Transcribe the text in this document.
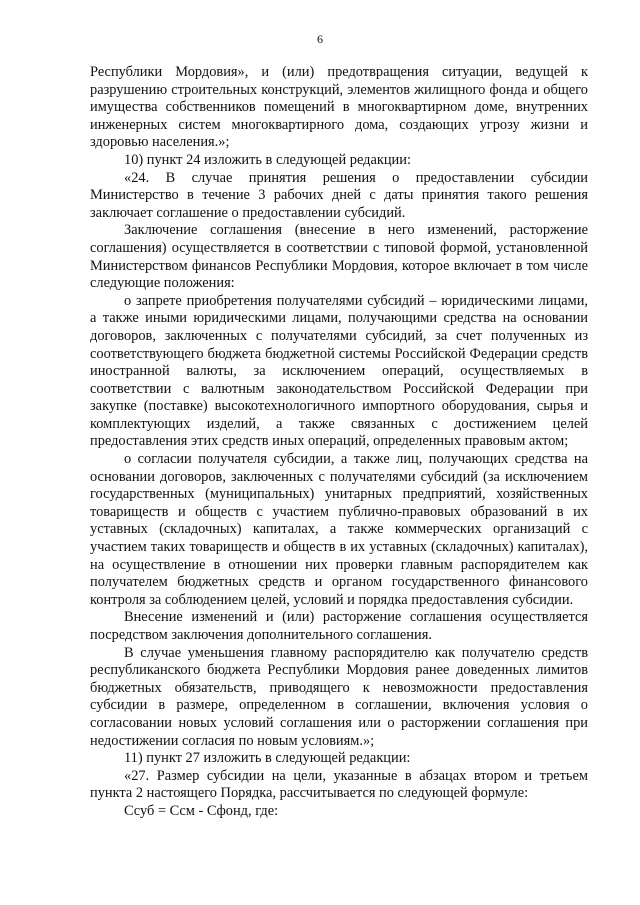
6

Республики Мордовия», и (или) предотвращения ситуации, ведущей к разрушению строительных конструкций, элементов жилищного фонда и общего имущества собственников помещений в многоквартирном доме, внутренних инженерных систем многоквартирного дома, создающих угрозу жизни и здоровью населения.»;

10) пункт 24 изложить в следующей редакции:

«24. В случае принятия решения о предоставлении субсидии Министерство в течение 3 рабочих дней с даты принятия такого решения заключает соглашение о предоставлении субсидий.

Заключение соглашения (внесение в него изменений, расторжение соглашения) осуществляется в соответствии с типовой формой, установленной Министерством финансов Республики Мордовия, которое включает в том числе следующие положения:

о запрете приобретения получателями субсидий – юридическими лицами, а также иными юридическими лицами, получающими средства на основании договоров, заключенных с получателями субсидий, за счет полученных из соответствующего бюджета бюджетной системы Российской Федерации средств иностранной валюты, за исключением операций, осуществляемых в соответствии с валютным законодательством Российской Федерации при закупке (поставке) высокотехнологичного импортного оборудования, сырья и комплектующих изделий, а также связанных с достижением целей предоставления этих средств иных операций, определенных правовым актом;

о согласии получателя субсидии, а также лиц, получающих средства на основании договоров, заключенных с получателями субсидий (за исключением государственных (муниципальных) унитарных предприятий, хозяйственных товариществ и обществ с участием публично-правовых образований в их уставных (складочных) капиталах, а также коммерческих организаций с участием таких товариществ и обществ в их уставных (складочных) капиталах), на осуществление в отношении них проверки главным распорядителем как получателем бюджетных средств и органом государственного финансового контроля за соблюдением целей, условий и порядка предоставления субсидии.

Внесение изменений и (или) расторжение соглашения осуществляется посредством заключения дополнительного соглашения.

В случае уменьшения главному распорядителю как получателю средств республиканского бюджета Республики Мордовия ранее доведенных лимитов бюджетных обязательств, приводящего к невозможности предоставления субсидии в размере, определенном в соглашении, включения условия о согласовании новых условий соглашения или о расторжении соглашения при недостижении согласия по новым условиям.»;

11) пункт 27 изложить в следующей редакции:

«27. Размер субсидии на цели, указанные в абзацах втором и третьем пункта 2 настоящего Порядка, рассчитывается по следующей формуле:

Ссуб = Ссм - Сфонд, где:
